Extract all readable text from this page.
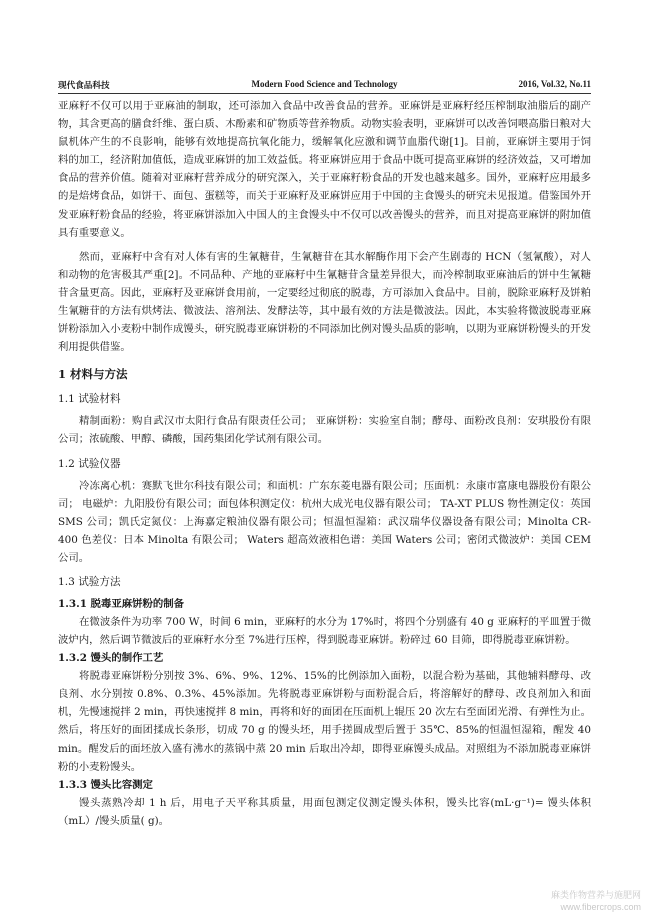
现代食品科技	Modern Food Science and Technology	2016, Vol.32, No.11

亚麻籽不仅可以用于亚麻油的制取，还可添加入食品中改善食品的营养。亚麻饼是亚麻籽经压榨制取油脂后的副产物，其含更高的膳食纤维、蛋白质、木酚素和矿物质等营养物质。动物实验表明，亚麻饼可以改善饲喂高脂日粮对大鼠机体产生的不良影响，能够有效地提高抗氧化能力，缓解氧化应激和调节血脂代谢[1]。目前，亚麻饼主要用于饲料的加工，经济附加值低，造成亚麻饼的加工效益低。将亚麻饼应用于食品中既可提高亚麻饼的经济效益，又可增加食品的营养价值。随着对亚麻籽营养成分的研究深入，关于亚麻籽粉食品的开发也越来越多。国外，亚麻籽应用最多的是焙烤食品，如饼干、面包、蛋糕等，而关于亚麻籽及亚麻饼应用于中国的主食馒头的研究未见报道。借鉴国外开发亚麻籽粉食品的经验，将亚麻饼添加入中国人的主食馒头中不仅可以改善馒头的营养，而且对提高亚麻饼的附加值具有重要意义。

然而，亚麻籽中含有对人体有害的生氰糖苷，生氰糖苷在其水解酶作用下会产生剧毒的 HCN（氢氰酸），对人和动物的危害极其严重[2]。不同品种、产地的亚麻籽中生氰糖苷含量差异很大，而冷榨制取亚麻油后的饼中生氰糖苷含量更高。因此，亚麻籽及亚麻饼食用前，一定要经过彻底的脱毒，方可添加入食品中。目前，脱除亚麻籽及饼粕生氰糖苷的方法有烘烤法、微波法、溶剂法、发酵法等，其中最有效的方法是微波法。因此，本实验将微波脱毒亚麻饼粉添加入小麦粉中制作成馒头，研究脱毒亚麻饼粉的不同添加比例对馒头品质的影响，以期为亚麻饼粉馒头的开发利用提供借鉴。

1 材料与方法

1.1 试验材料

精制面粉：购自武汉市太阳行食品有限责任公司； 亚麻饼粉：实验室自制；酵母、面粉改良剂：安琪股份有限公司；浓硫酸、甲醇、磷酸，国药集团化学试剂有限公司。

1.2 试验仪器

冷冻离心机：赛默飞世尔科技有限公司；和面机：广东东菱电器有限公司；压面机：永康市富康电器股份有限公司； 电磁炉：九阳股份有限公司；面包体积测定仪：杭州大成光电仪器有限公司； TA-XT PLUS 物性测定仪：英国 SMS 公司；凯氏定氮仪：上海嘉定粮油仪器有限公司；恒温恒湿箱：武汉瑞华仪器设备有限公司；Minolta CR-400 色差仪：日本 Minolta 有限公司； Waters 超高效液相色谱：美国 Waters 公司；密闭式微波炉：美国 CEM 公司。

1.3 试验方法

1.3.1 脱毒亚麻饼粉的制备

在微波条件为功率 700 W，时间 6 min，亚麻籽的水分为 17%时，将四个分别盛有 40 g 亚麻籽的平皿置于微波炉内，然后调节微波后的亚麻籽水分至 7%进行压榨，得到脱毒亚麻饼。粉碎过 60 目筛，即得脱毒亚麻饼粉。

1.3.2 馒头的制作工艺

将脱毒亚麻饼粉分别按 3%、6%、9%、12%、15%的比例添加入面粉，以混合粉为基础，其他辅料酵母、改良剂、水分别按 0.8%、0.3%、45%添加。先将脱毒亚麻饼粉与面粉混合后，将溶解好的酵母、改良剂加入和面机，先慢速搅拌 2 min，再快速搅拌 8 min，再将和好的面团在压面机上辊压 20 次左右至面团光滑、有弹性为止。然后，将压好的面团揉成长条形，切成 70 g 的馒头坯，用手搓圆成型后置于 35℃、85%的恒温恒湿箱，醒发 40 min。醒发后的面坯放入盛有沸水的蒸锅中蒸 20 min 后取出冷却，即得亚麻馒头成品。对照组为不添加脱毒亚麻饼粉的小麦粉馒头。

1.3.3 馒头比容测定

馒头蒸熟冷却 1 h 后，用电子天平称其质量，用面包测定仪测定馒头体积，馒头比容(mL·g⁻¹)= 馒头体积（mL）/馒头质量( g)。

麻类作物营养与施肥网
www.fibercrops.com
